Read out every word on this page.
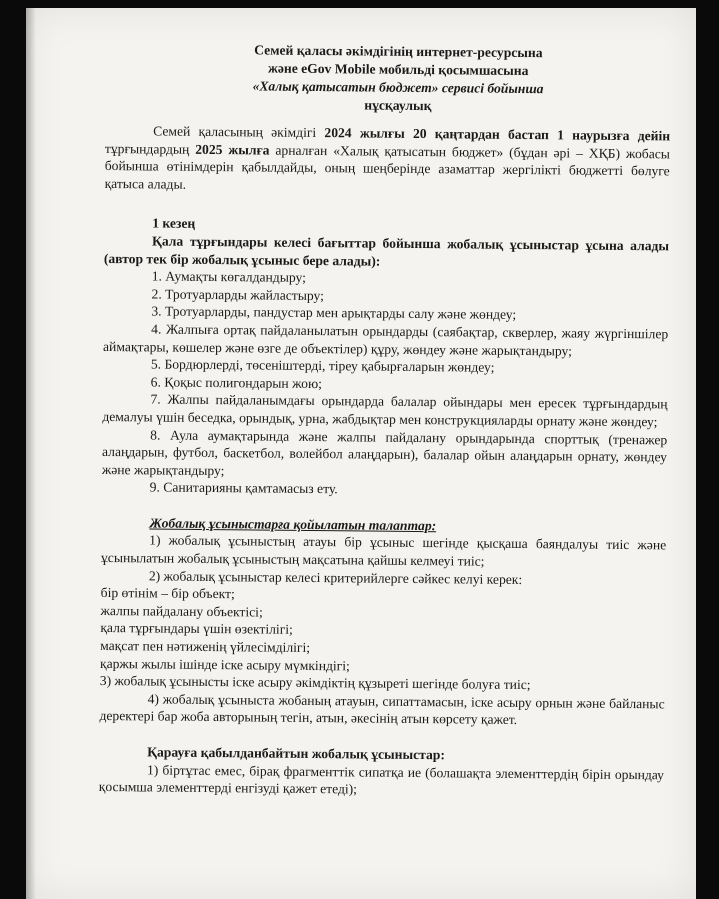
Семей қаласы әкімдігінің интернет-ресурсына
және eGov Mobile мобильді қосымшасына
«Халық қатысатын бюджет» сервисі бойынша
нұсқаулық

Семей қаласының әкімдігі 2024 жылғы 20 қаңтардан бастап 1 наурызға дейін тұрғындардың 2025 жылға арналған «Халық қатысатын бюджет» (бұдан әрі – ХҚБ) жобасы бойынша өтінімдерін қабылдайды, оның шеңберінде азаматтар жергілікті бюджетті бөлуге қатыса алады.

1 кезең

Қала тұрғындары келесі бағыттар бойынша жобалық ұсыныстар ұсына алады (автор тек бір жобалық ұсыныс бере алады):

1. Аумақты көгалдандыру;
2. Тротуарларды жайластыру;
3. Тротуарларды, пандустар мен арықтарды салу және жөндеу;
4. Жалпыға ортақ пайдаланылатын орындарды (саябақтар, скверлер, жаяу жүргіншілер аймақтары, көшелер және өзге де объектілер) құру, жөндеу және жарықтандыру;
5. Бордюрлерді, төсеніштерді, тіреу қабырғаларын жөндеу;
6. Қоқыс полигондарын жою;
7. Жалпы пайдаланымдағы орындарда балалар ойындары мен ересек тұрғындардың демалуы үшін беседка, орындық, урна, жабдықтар мен конструкцияларды орнату және жөндеу;
8. Аула аумақтарында және жалпы пайдалану орындарында спорттық (тренажер алаңдарын, футбол, баскетбол, волейбол алаңдарын), балалар ойын алаңдарын орнату, жөндеу және жарықтандыру;
9. Санитарияны қамтамасыз ету.
Жобалық ұсыныстарға қойылатын талаптар:

1) жобалық ұсыныстың атауы бір ұсыныс шегінде қысқаша баяндалуы тиіс және ұсынылатын жобалық ұсыныстың мақсатына қайшы келмеуі тиіс;

2) жобалық ұсыныстар келесі критерийлерге сәйкес келуі керек:

бір өтінім – бір объект;

жалпы пайдалану объектісі;

қала тұрғындары үшін өзектілігі;

мақсат пен нәтиженің үйлесімділігі;

қаржы жылы ішінде іске асыру мүмкіндігі;

3) жобалық ұсынысты іске асыру әкімдіктің құзыреті шегінде болуға тиіс;

4) жобалық ұсыныста жобаның атауын, сипаттамасын, іске асыру орнын және байланыс деректері бар жоба авторының тегін, атын, әкесінің атын көрсету қажет.

Қарауға қабылданбайтын жобалық ұсыныстар:

1) біртұтас емес, бірақ фрагменттік сипатқа ие (болашақта элементтердің бірін орындау қосымша элементтерді енгізуді қажет етеді);
